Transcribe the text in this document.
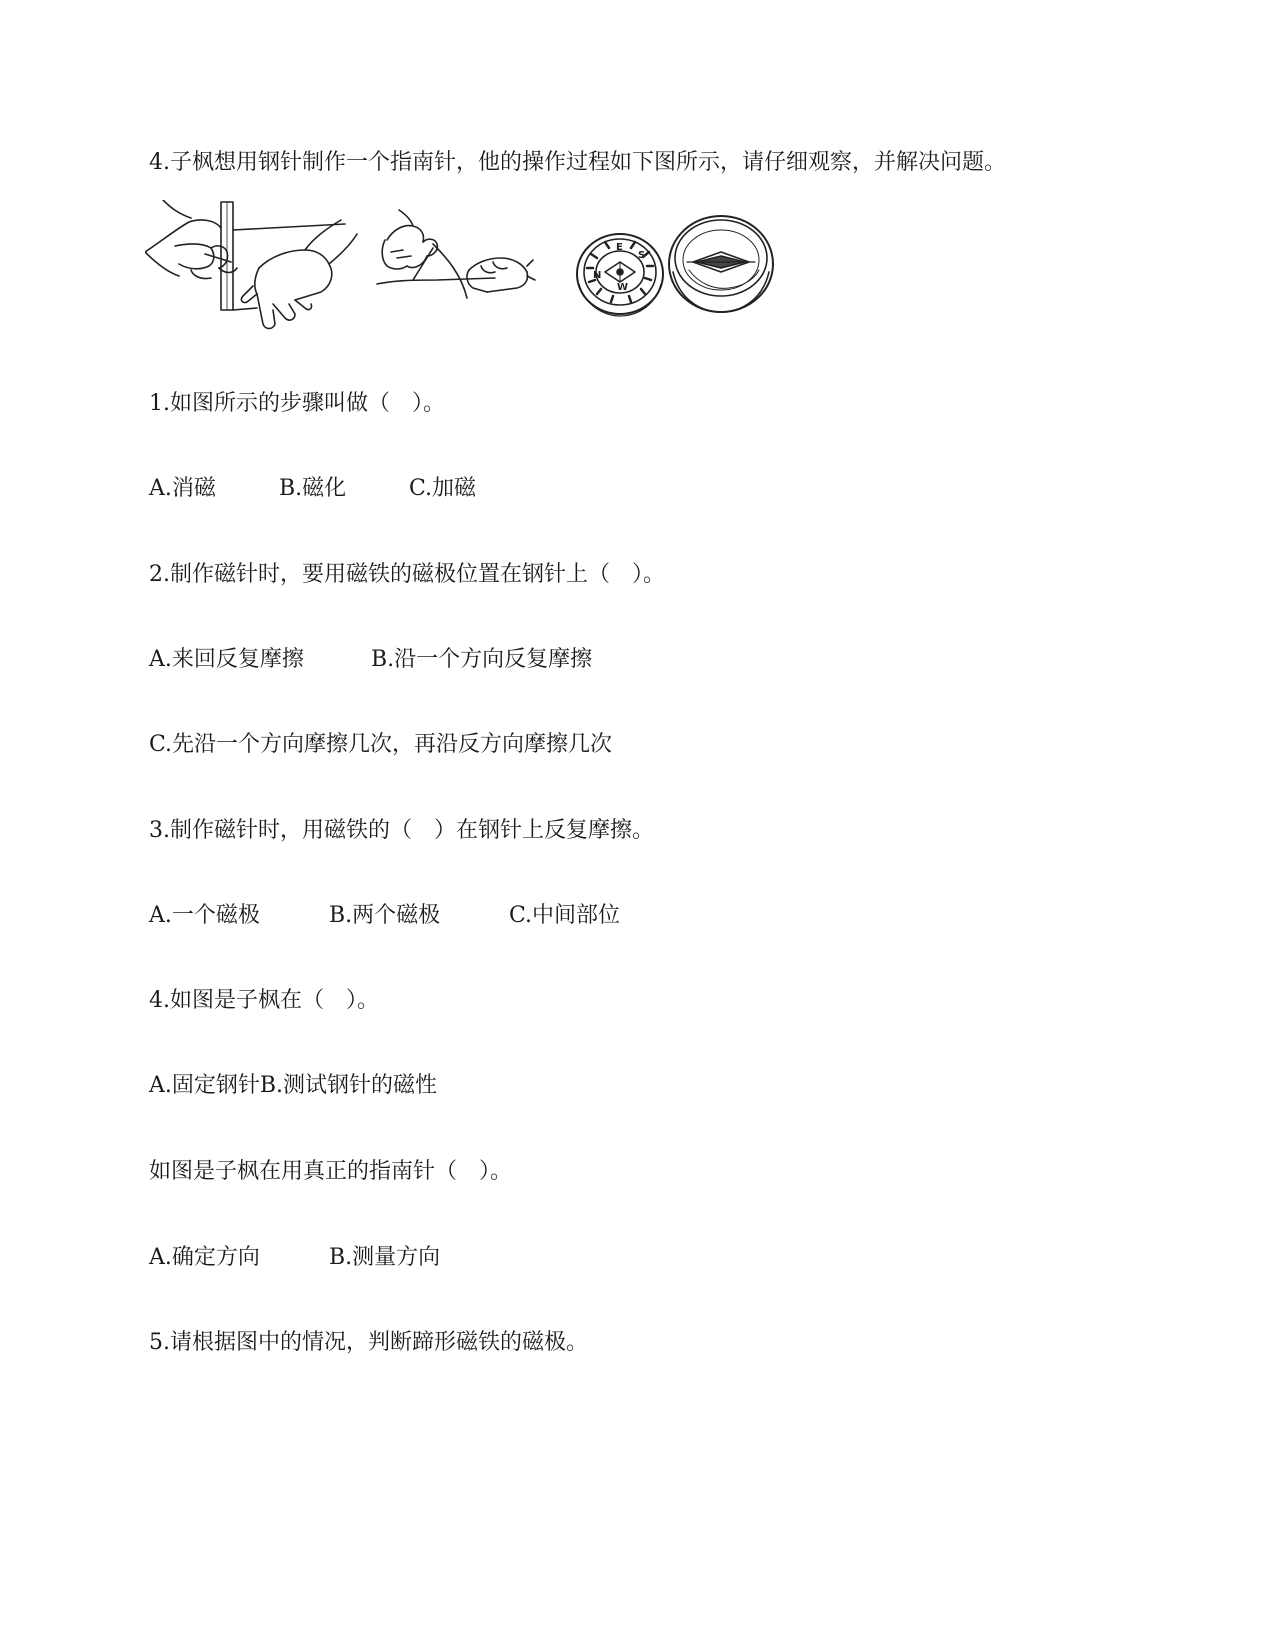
4.子枫想用钢针制作一个指南针，他的操作过程如下图所示，请仔细观察，并解决问题。
E
S
W
N
1.如图所示的步骤叫做（　）。
A.消磁	B.磁化	C.加磁
2.制作磁针时，要用磁铁的磁极位置在钢针上（　）。
A.来回反复摩擦	B.沿一个方向反复摩擦
C.先沿一个方向摩擦几次，再沿反方向摩擦几次
3.制作磁针时，用磁铁的（　）在钢针上反复摩擦。
A.一个磁极	B.两个磁极	C.中间部位
4.如图是子枫在（　）。
A.固定钢针B.测试钢针的磁性
如图是子枫在用真正的指南针（　）。
A.确定方向	B.测量方向
5.请根据图中的情况，判断蹄形磁铁的磁极。
